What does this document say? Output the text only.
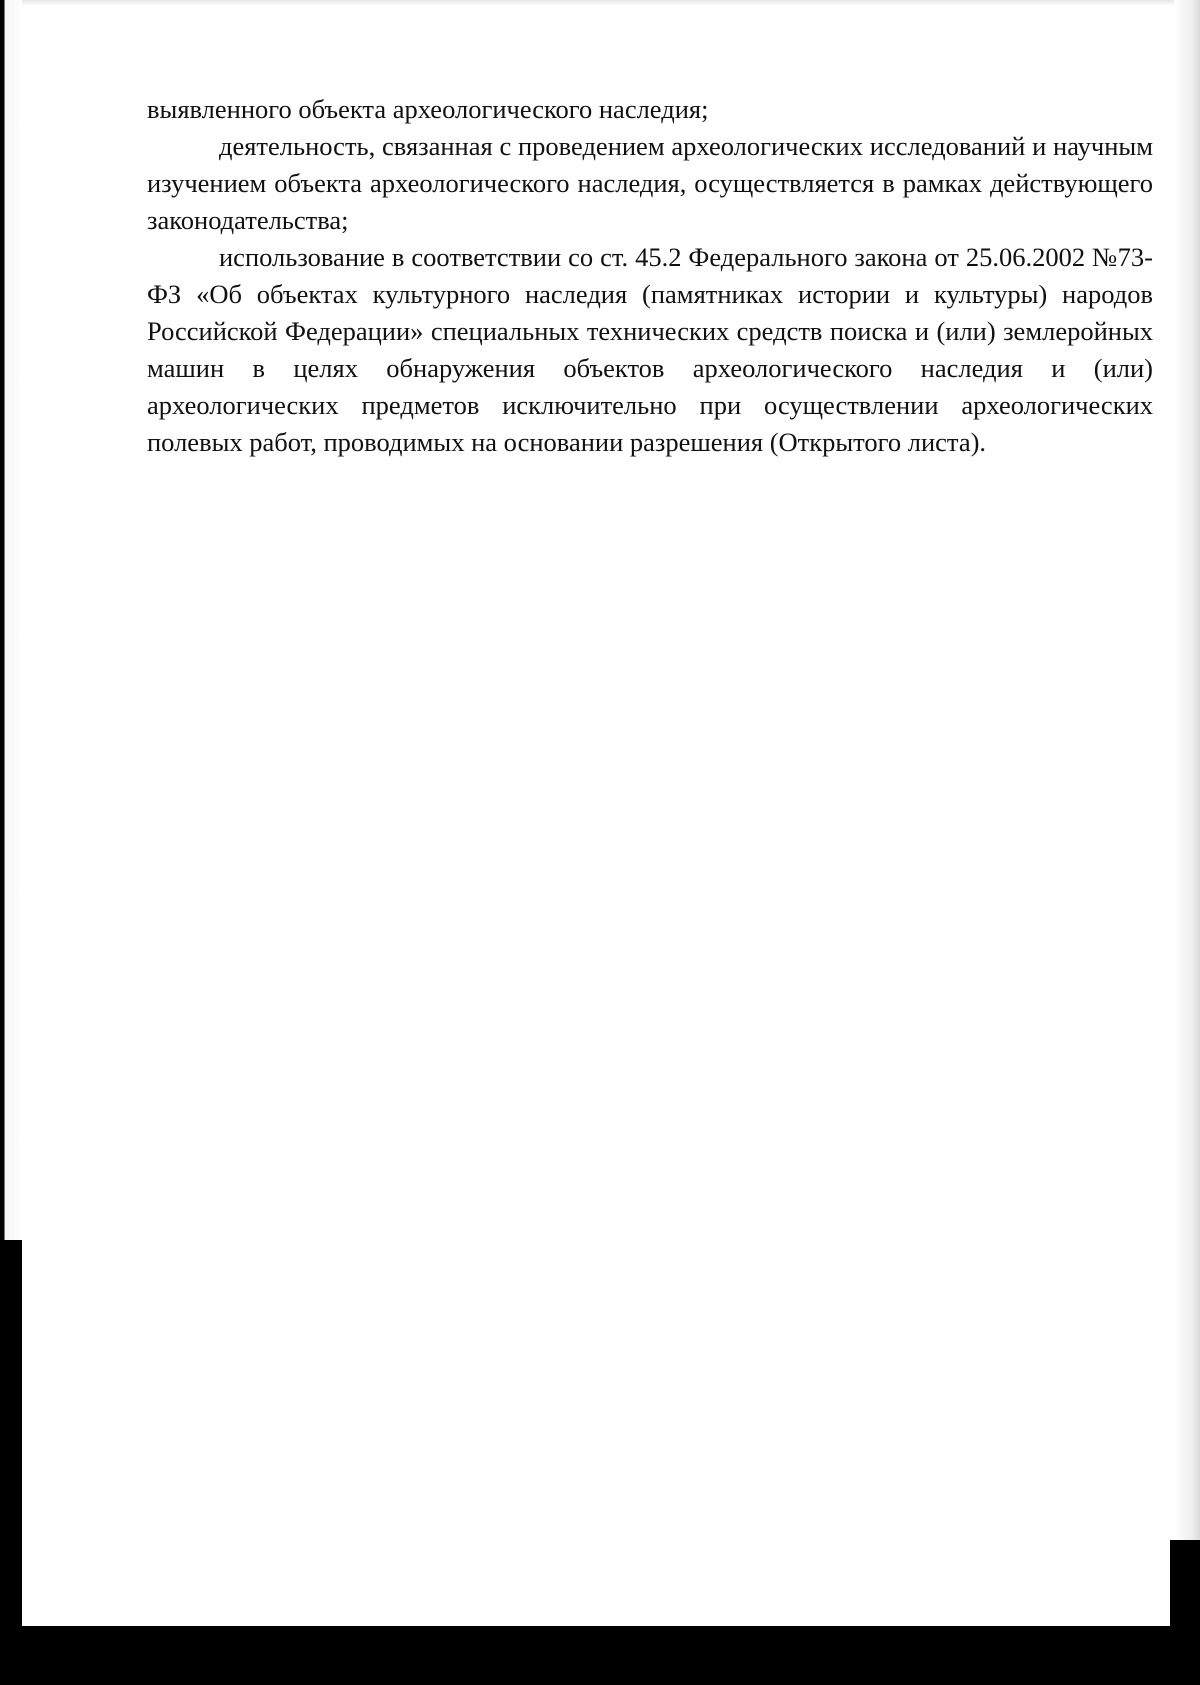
выявленного объекта археологического наследия;

деятельность, связанная с проведением археологических исследований и научным изучением объекта археологического наследия, осуществляется в рамках действующего законодательства;

использование в соответствии со ст. 45.2 Федерального закона от 25.06.2002 №73-ФЗ «Об объектах культурного наследия (памятниках истории и культуры) народов Российской Федерации» специальных технических средств поиска и (или) землеройных машин в целях обнаружения объектов археологического наследия и (или) археологических предметов исключительно при осуществлении археологических полевых работ, проводимых на основании разрешения (Открытого листа).
